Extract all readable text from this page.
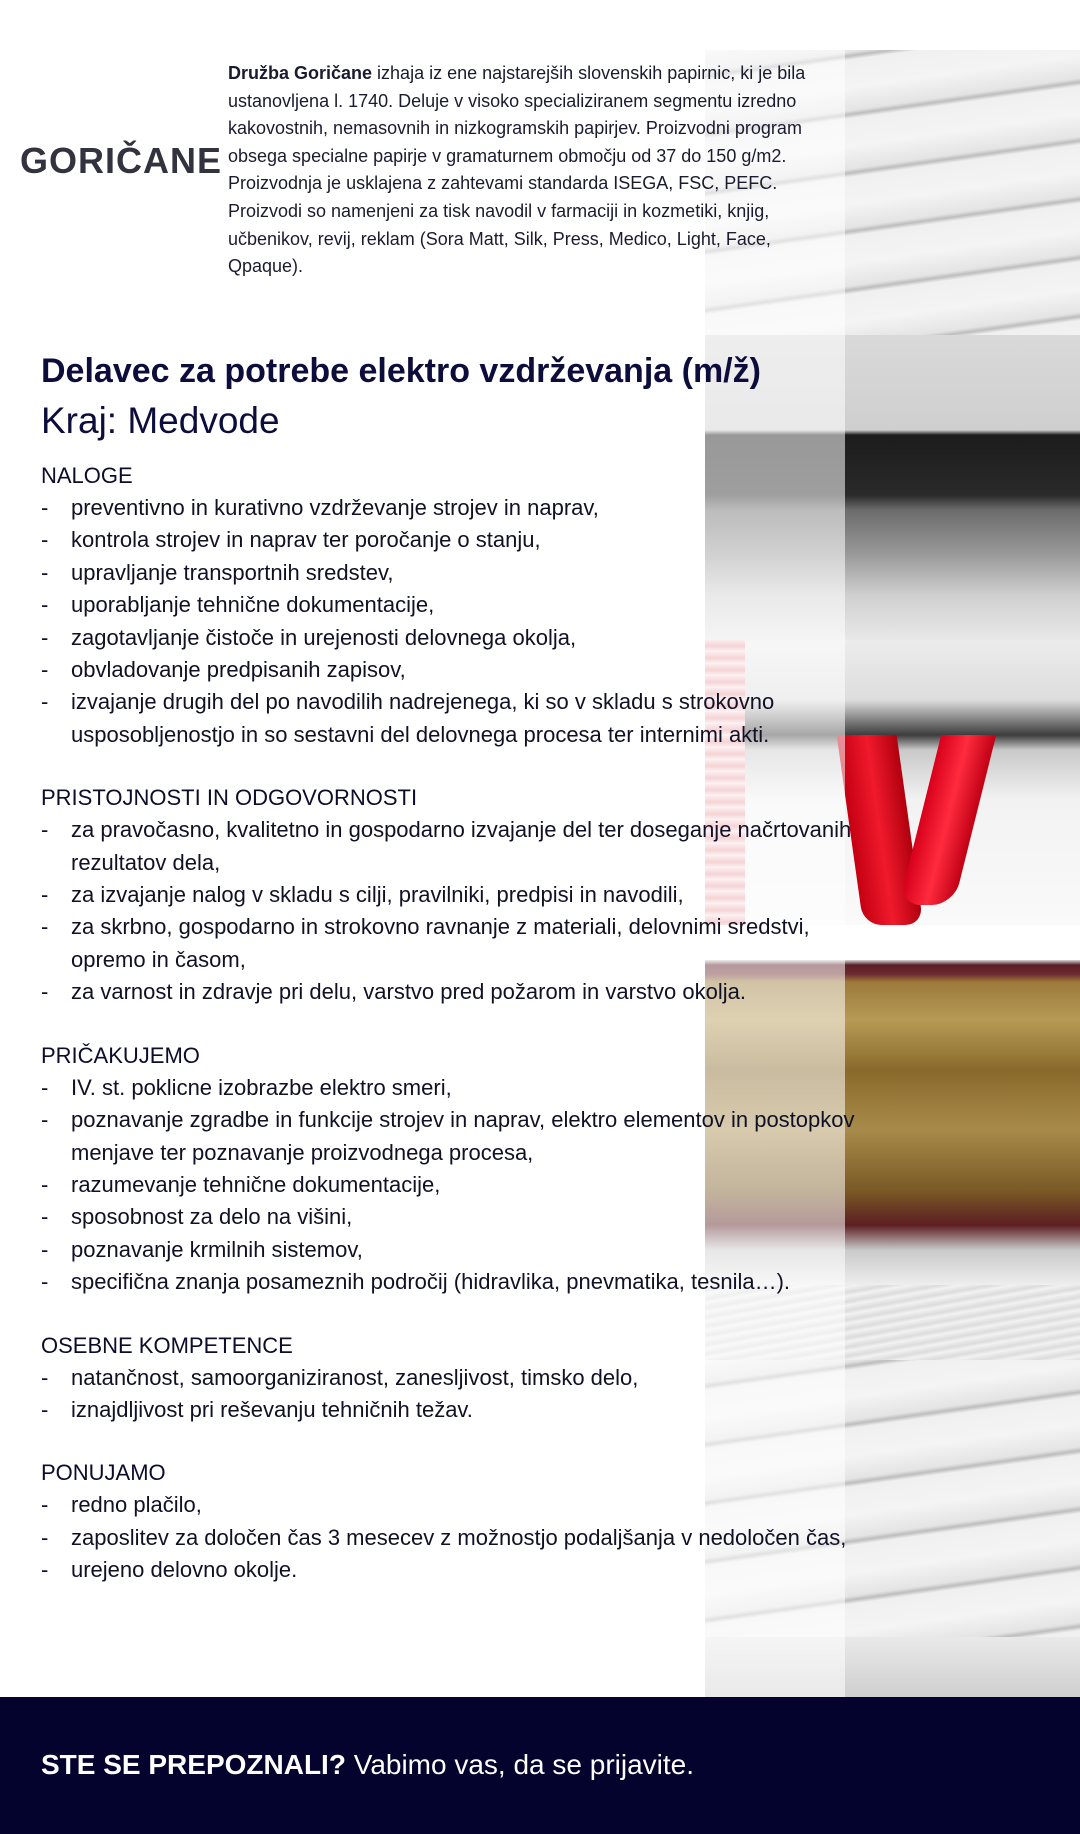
GORIČANE
Družba Goričane izhaja iz ene najstarejših slovenskih papirnic, ki je bila ustanovljena l. 1740. Deluje v visoko specializiranem segmentu izredno kakovostnih, nemasovnih in nizkogramskih papirjev. Proizvodni program obsega specialne papirje v gramaturnem območju od 37 do 150 g/m2. Proizvodnja je usklajena z zahtevami standarda ISEGA, FSC, PEFC. Proizvodi so namenjeni za tisk navodil v farmaciji in kozmetiki, knjig, učbenikov, revij, reklam (Sora Matt, Silk, Press, Medico, Light, Face, Qpaque).
Delavec za potrebe elektro vzdrževanja (m/ž)
Kraj: Medvode
NALOGE
- preventivno in kurativno vzdrževanje strojev in naprav,
- kontrola strojev in naprav ter poročanje o stanju,
- upravljanje transportnih sredstev,
- uporabljanje tehnične dokumentacije,
- zagotavljanje čistoče in urejenosti delovnega okolja,
- obvladovanje predpisanih zapisov,
- izvajanje drugih del po navodilih nadrejenega, ki so v skladu s strokovno usposobljenostjo in so sestavni del delovnega procesa ter internimi akti.
PRISTOJNOSTI IN ODGOVORNOSTI
- za pravočasno, kvalitetno in gospodarno izvajanje del ter doseganje načrtovanih rezultatov dela,
- za izvajanje nalog v skladu s cilji, pravilniki, predpisi in navodili,
- za skrbno, gospodarno in strokovno ravnanje z materiali, delovnimi sredstvi, opremo in časom,
- za varnost in zdravje pri delu, varstvo pred požarom in varstvo okolja.
PRIČAKUJEMO
- IV. st. poklicne izobrazbe elektro smeri,
- poznavanje zgradbe in funkcije strojev in naprav, elektro elementov in postopkov menjave ter poznavanje proizvodnega procesa,
- razumevanje tehnične dokumentacije,
- sposobnost za delo na višini,
- poznavanje krmilnih sistemov,
- specifična znanja posameznih področij (hidravlika, pnevmatika, tesnila…).
OSEBNE KOMPETENCE
- natančnost, samoorganiziranost, zanesljivost, timsko delo,
- iznajdljivost pri reševanju tehničnih težav.
PONUJAMO
- redno plačilo,
- zaposlitev za določen čas 3 mesecev z možnostjo podaljšanja v nedoločen čas,
- urejeno delovno okolje.
STE SE PREPOZNALI? Vabimo vas, da se prijavite.
